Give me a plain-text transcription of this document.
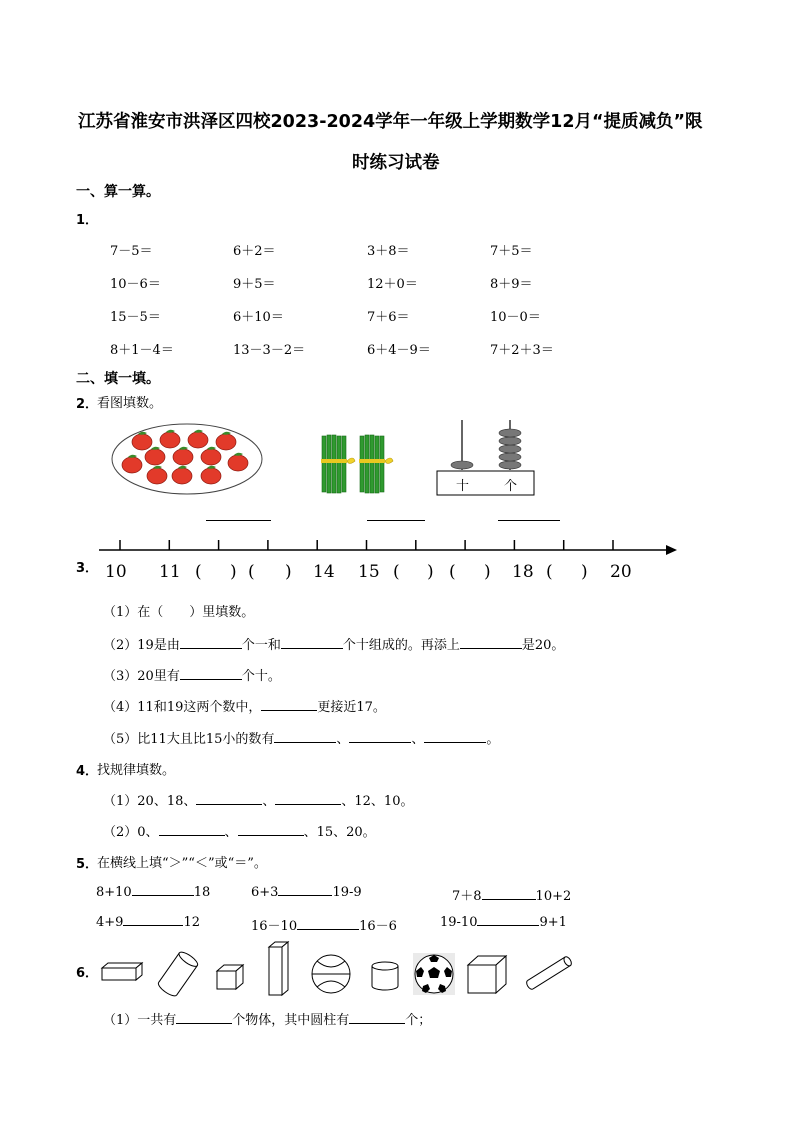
江苏省淮安市洪泽区四校2023-2024学年一年级上学期数学12月“提质减负”限
时练习试卷
一、算一算。
1．
7－5＝	6＋2＝	3＋8＝	7＋5＝
10－6＝	9＋5＝	12＋0＝	8＋9＝
15－5＝	6＋10＝	7＋6＝	10－0＝
8＋1－4＝	13－3－2＝	6＋4－9＝	7＋2＋3＝
二、填一填。
2．
看图填数。
十	个
3． 10 11 ( ) ( ) 14 15 ( ) ( ) 18 ( ) 20
（1）在（　　）里填数。
（2）19是由	个一和	个十组成的。再添上	是20。
（3）20里有	个十。
（4）11和19这两个数中，	更接近17。
（5）比11大且比15小的数有	、	、	。
4．
找规律填数。
（1）20、18、	、	、12、10。
（2）0、	、	、15、20。
5．
在横线上填“＞”“＜”或“＝”。
8+10	18	6+3	19-9	7＋8	10+2
4+9	12	16－10	16－6	19-10	9+1
6．
（1）一共有	个物体，其中圆柱有	个；
